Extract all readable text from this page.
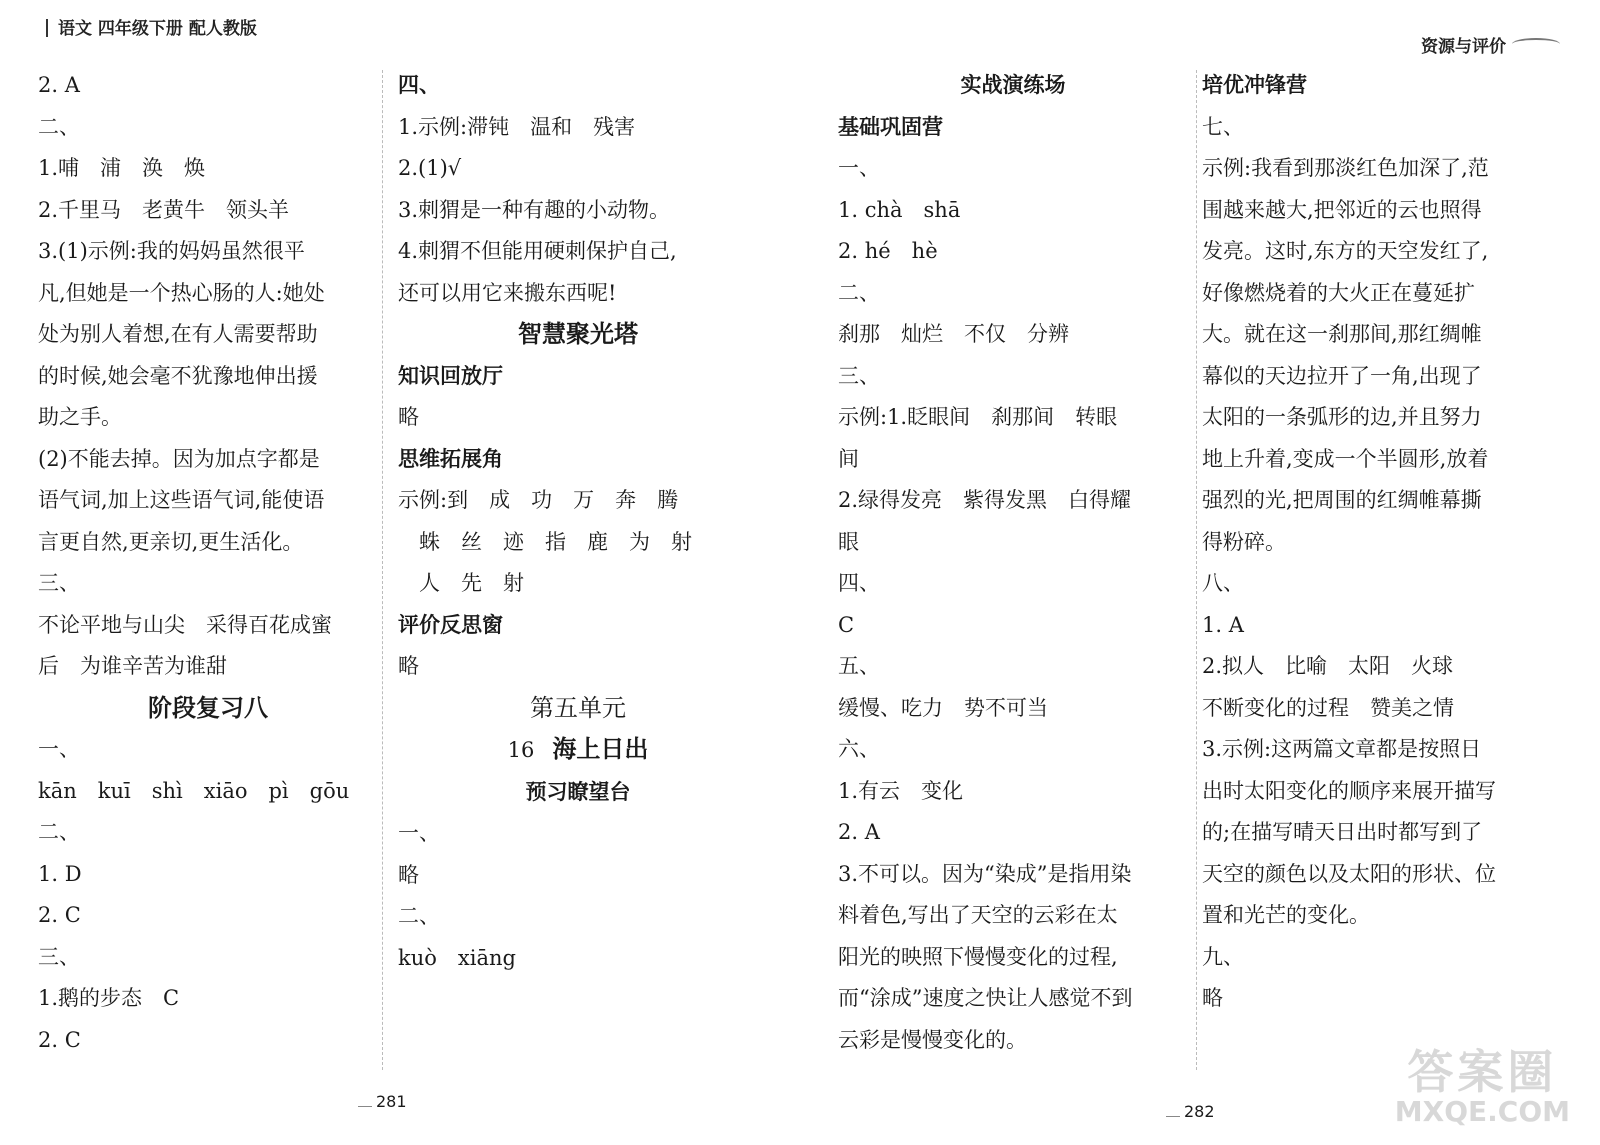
语文 四年级下册 配人教版
资源与评价
2. A
二、
1.哺　浦　涣　焕
2.千里马　老黄牛　领头羊
3.(1)示例:我的妈妈虽然很平
凡,但她是一个热心肠的人:她处
处为别人着想,在有人需要帮助
的时候,她会毫不犹豫地伸出援
助之手。
(2)不能去掉。因为加点字都是
语气词,加上这些语气词,能使语
言更自然,更亲切,更生活化。
三、
不论平地与山尖　采得百花成蜜
后　为谁辛苦为谁甜
阶段复习八
一、
kān　kuī　shì　xiāo　pì　gōu
二、
1. D
2. C
三、
1.鹅的步态　C
2. C
四、
1.示例:滞钝　温和　残害
2.(1)√
3.刺猬是一种有趣的小动物。
4.刺猬不但能用硬刺保护自己,
还可以用它来搬东西呢!
智慧聚光塔
知识回放厅
略
思维拓展角
示例:到　成　功　万　奔　腾
　蛛　丝　迹　指　鹿　为　射
　人　先　射
评价反思窗
略
第五单元
16 海上日出
预习瞭望台
一、
略
二、
kuò　xiāng
实战演练场
基础巩固营
一、
1. chà　shā
2. hé　hè
二、
刹那　灿烂　不仅　分辨
三、
示例:1.眨眼间　刹那间　转眼
间
2.绿得发亮　紫得发黑　白得耀
眼
四、
C
五、
缓慢、吃力　势不可当
六、
1.有云　变化
2. A
3.不可以。因为“染成”是指用染
料着色,写出了天空的云彩在太
阳光的映照下慢慢变化的过程,
而“涂成”速度之快让人感觉不到
云彩是慢慢变化的。
培优冲锋营
七、
示例:我看到那淡红色加深了,范
围越来越大,把邻近的云也照得
发亮。这时,东方的天空发红了,
好像燃烧着的大火正在蔓延扩
大。就在这一刹那间,那红绸帷
幕似的天边拉开了一角,出现了
太阳的一条弧形的边,并且努力
地上升着,变成一个半圆形,放着
强烈的光,把周围的红绸帷幕撕
得粉碎。
八、
1. A
2.拟人　比喻　太阳　火球
不断变化的过程　赞美之情
3.示例:这两篇文章都是按照日
出时太阳变化的顺序来展开描写
的;在描写晴天日出时都写到了
天空的颜色以及太阳的形状、位
置和光芒的变化。
九、
略
281
282
答案圈
MXQE.COM
